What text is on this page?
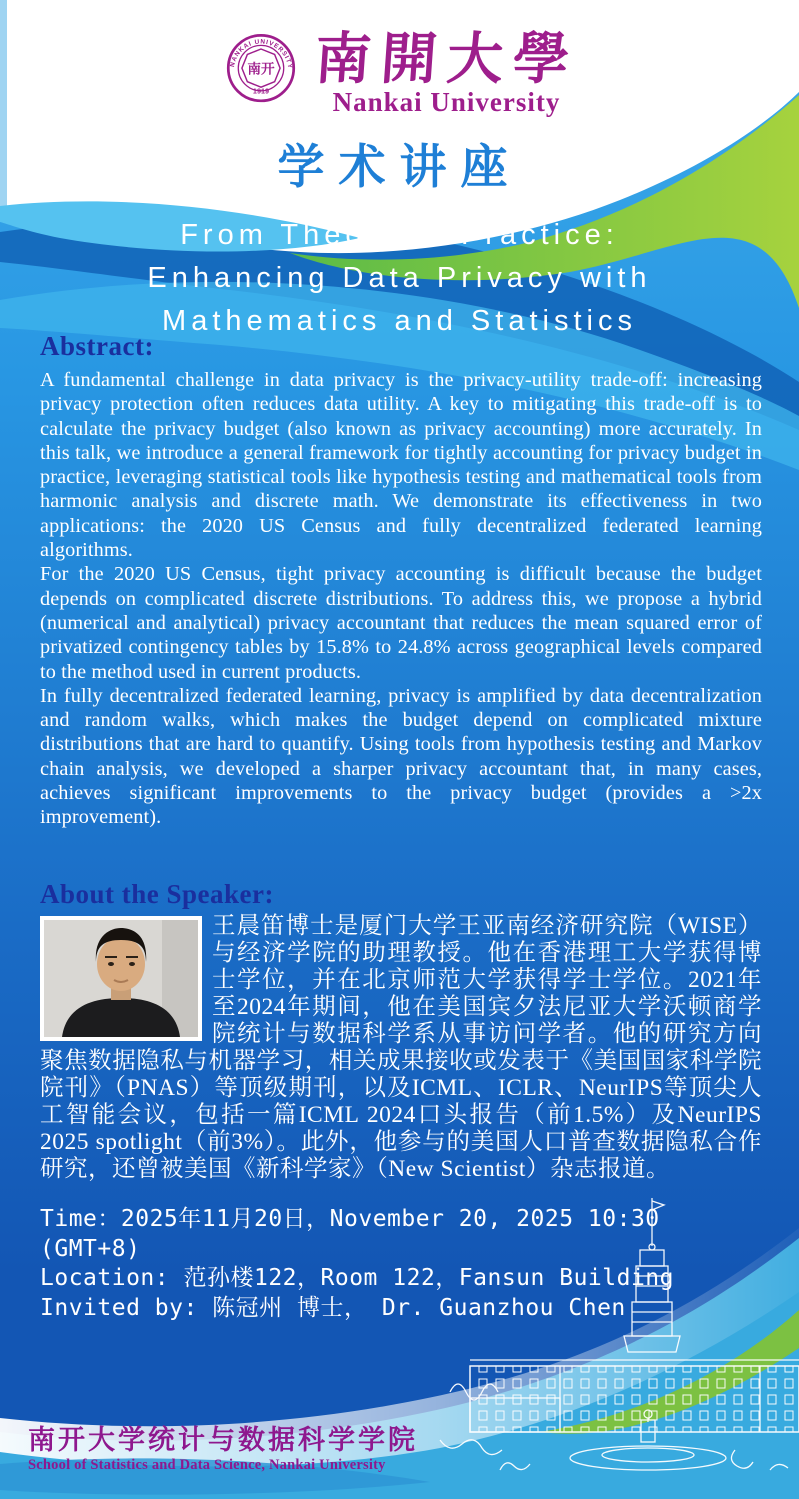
NANKAI UNIVERSITY
1919
南开 南開大學
Nankai University
学术讲座
From Theory to Practice:
Enhancing Data Privacy with
Mathematics and Statistics
Abstract:

A fundamental challenge in data privacy is the privacy-utility trade-off: increasing privacy protection often reduces data utility. A key to mitigating this trade-off is to calculate the privacy budget (also known as privacy accounting) more accurately. In this talk, we introduce a general framework for tightly accounting for privacy budget in practice, leveraging statistical tools like hypothesis testing and mathematical tools from harmonic analysis and discrete math. We demonstrate its effectiveness in two applications: the 2020 US Census and fully decentralized federated learning algorithms.

For the 2020 US Census, tight privacy accounting is difficult because the budget depends on complicated discrete distributions. To address this, we propose a hybrid (numerical and analytical) privacy accountant that reduces the mean squared error of privatized contingency tables by 15.8% to 24.8% across geographical levels compared to the method used in current products.

In fully decentralized federated learning, privacy is amplified by data decentralization and random walks, which makes the budget depend on complicated mixture distributions that are hard to quantify. Using tools from hypothesis testing and Markov chain analysis, we developed a sharper privacy accountant that, in many cases, achieves significant improvements to the privacy budget (provides a >2x improvement).

About the Speaker:
王晨笛博士是厦门大学王亚南经济研究院（WISE）与经济学院的助理教授。他在香港理工大学获得博士学位，并在北京师范大学获得学士学位。2021年至2024年期间，他在美国宾夕法尼亚大学沃顿商学院统计与数据科学系从事访问学者。他的研究方向聚焦数据隐私与机器学习，相关成果接收或发表于《美国国家科学院院刊》（PNAS）等顶级期刊，以及ICML、ICLR、NeurIPS等顶尖人工智能会议，包括一篇ICML 2024口头报告（前1.5%）及NeurIPS 2025 spotlight（前3%）。此外，他参与的美国人口普查数据隐私合作研究，还曾被美国《新科学家》（New Scientist）杂志报道。
Time：2025年11月20日，November 20, 2025 10:30
(GMT+8)
Location: 范孙楼122，Room 122，Fansun Building
Invited by: 陈冠州 博士， Dr. Guanzhou Chen
南开大学统计与数据科学学院
School of Statistics and Data Science, Nankai University
